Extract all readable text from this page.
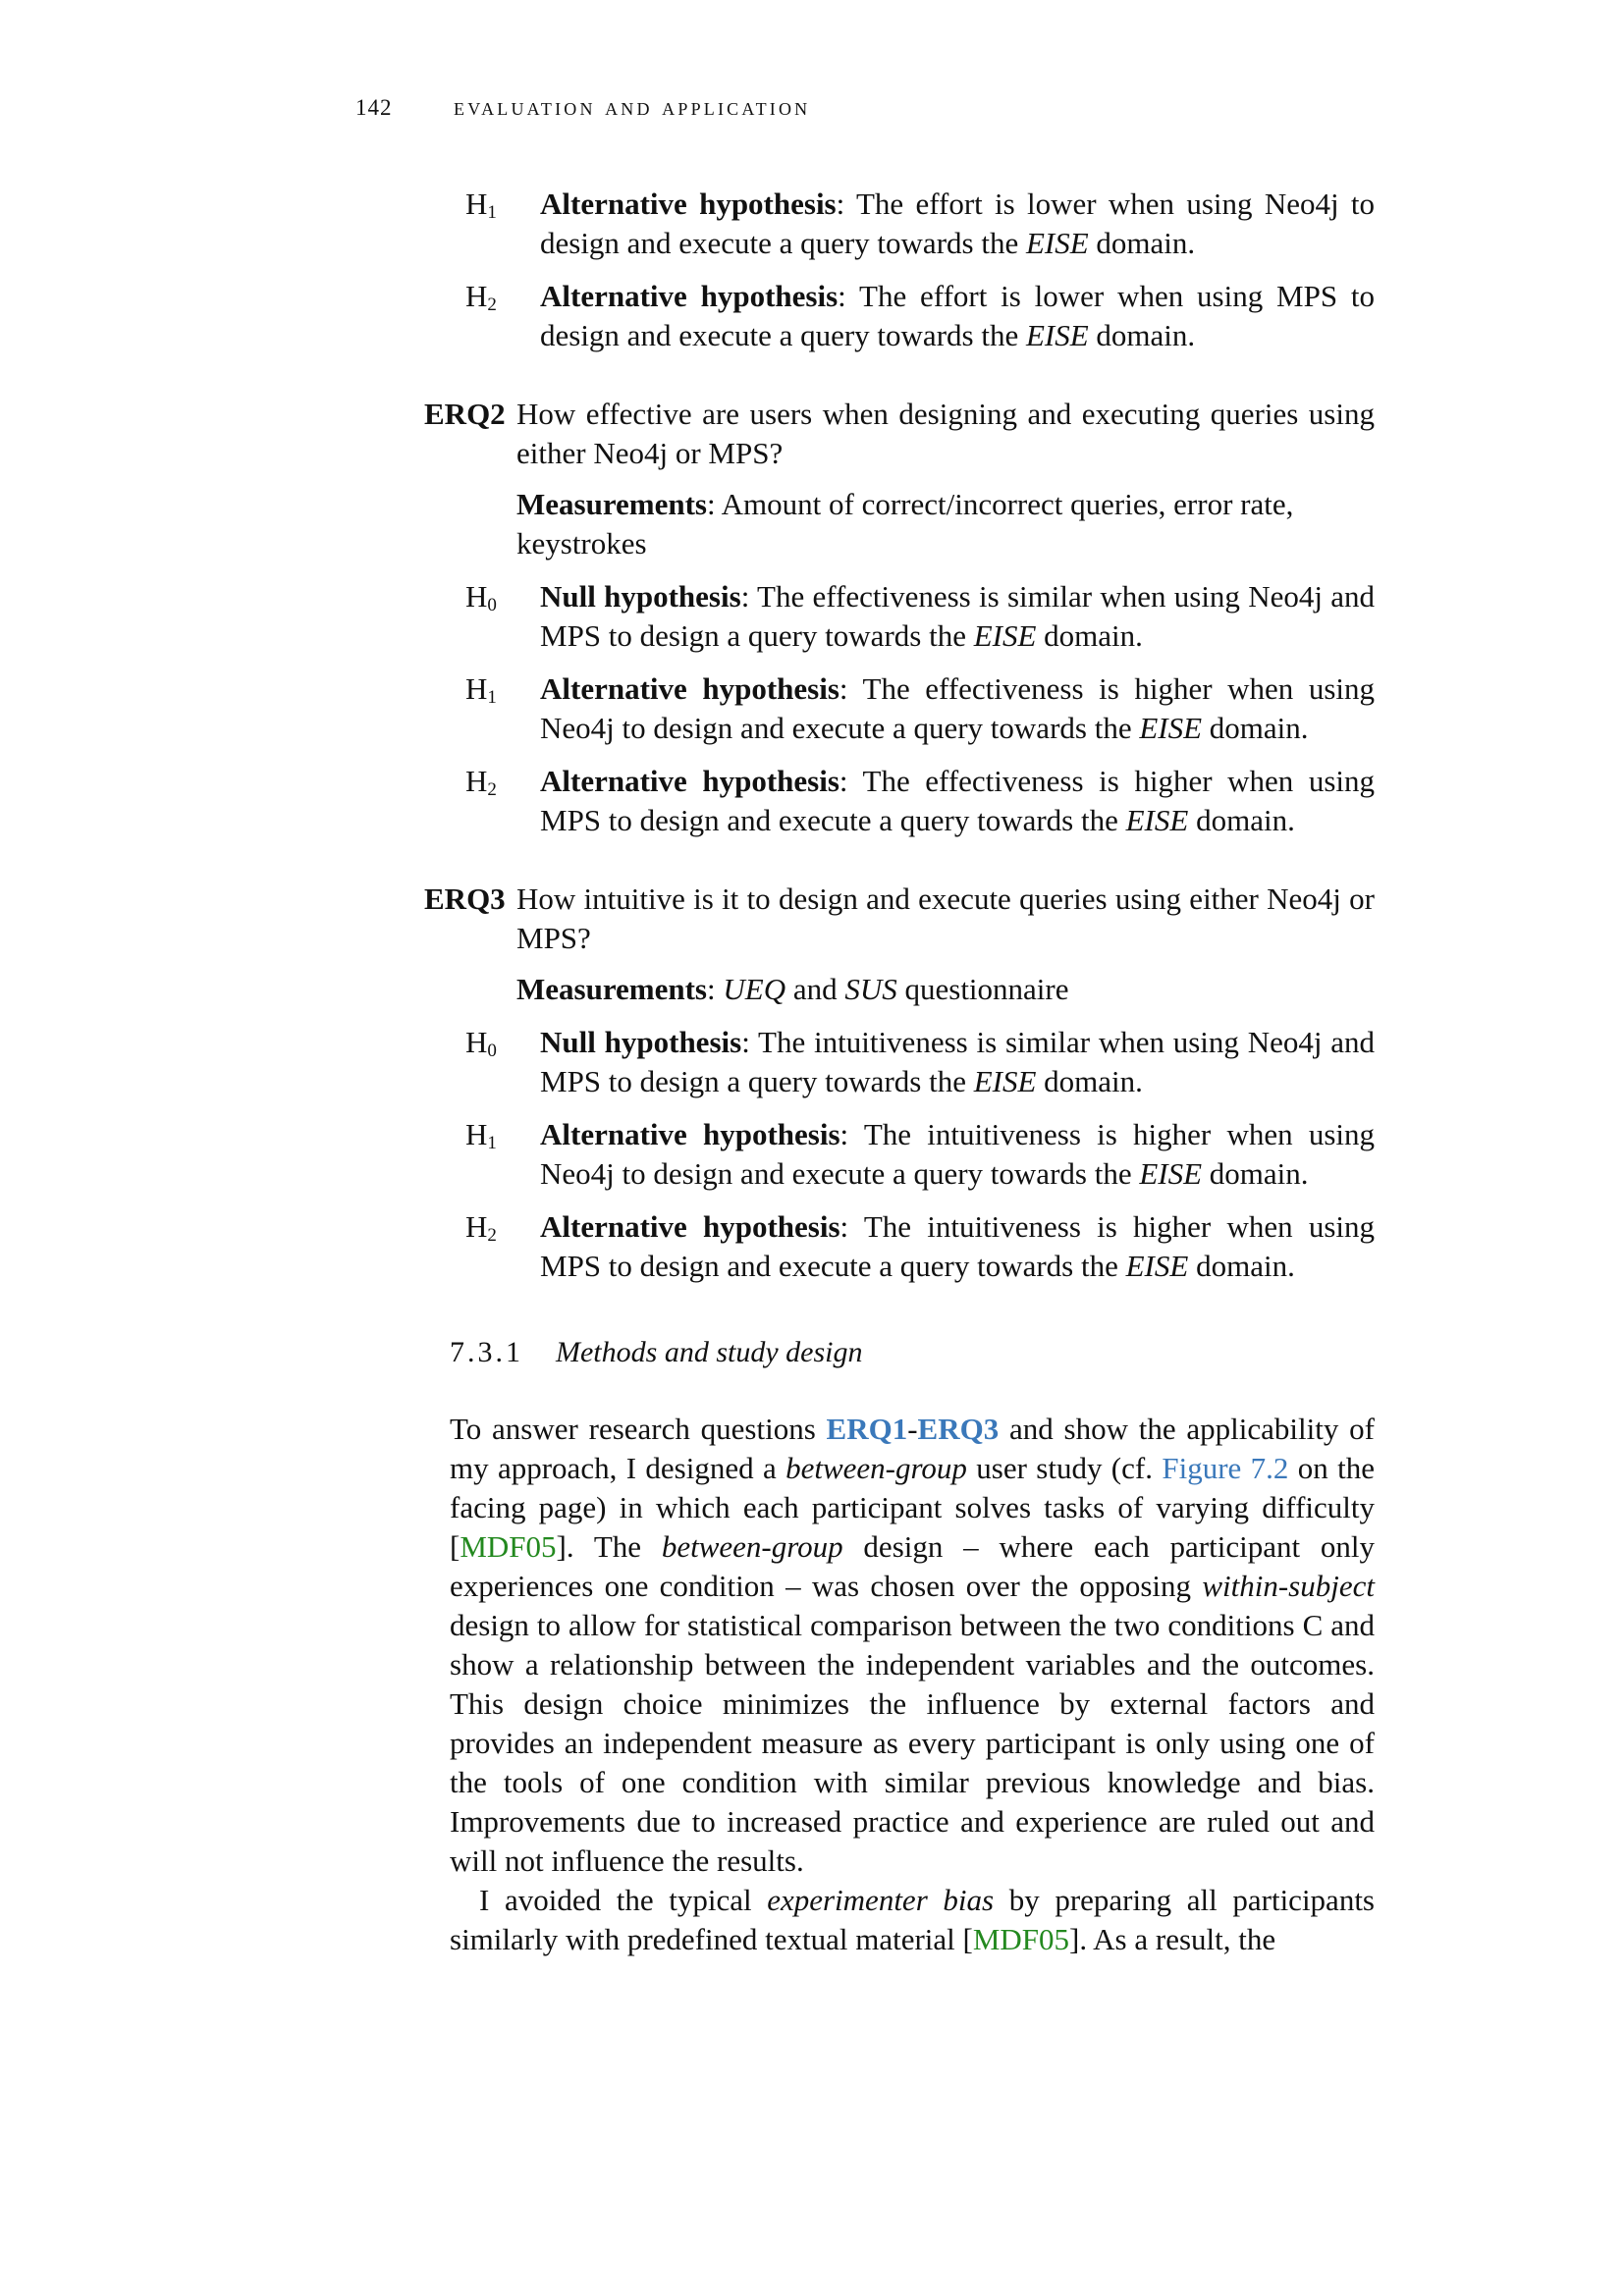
142	evaluation and application
$H_1$	Alternative hypothesis: The effort is lower when using Neo4j to design and execute a query towards the EISE domain.
$H_2$	Alternative hypothesis: The effort is lower when using MPS to design and execute a query towards the EISE domain.
ERQ2 How effective are users when designing and executing queries using either Neo4j or MPS?
Measurements: Amount of correct/incorrect queries, error rate, keystrokes
$H_0$	Null hypothesis: The effectiveness is similar when using Neo4j and MPS to design a query towards the EISE domain.
$H_1$	Alternative hypothesis: The effectiveness is higher when using Neo4j to design and execute a query towards the EISE domain.
$H_2$	Alternative hypothesis: The effectiveness is higher when using MPS to design and execute a query towards the EISE domain.
ERQ3 How intuitive is it to design and execute queries using either Neo4j or MPS?
Measurements: UEQ and SUS questionnaire
$H_0$	Null hypothesis: The intuitiveness is similar when using Neo4j and MPS to design a query towards the EISE domain.
$H_1$	Alternative hypothesis: The intuitiveness is higher when using Neo4j to design and execute a query towards the EISE domain.
$H_2$	Alternative hypothesis: The intuitiveness is higher when using MPS to design and execute a query towards the EISE domain.
7.3.1	Methods and study design

To answer research questions ERQ1-ERQ3 and show the applicability of my approach, I designed a between-group user study (cf. Figure 7.2 on the facing page) in which each participant solves tasks of varying difficulty [MDF05]. The between-group design – where each participant only experiences one condition – was chosen over the opposing within-subject design to allow for statistical comparison between the two conditions C and show a relationship between the independent variables and the outcomes. This design choice minimizes the influence by external factors and provides an independent measure as every participant is only using one of the tools of one condition with similar previous knowledge and bias. Improvements due to increased practice and experience are ruled out and will not influence the results.

I avoided the typical experimenter bias by preparing all participants similarly with predefined textual material [MDF05]. As a result, the
